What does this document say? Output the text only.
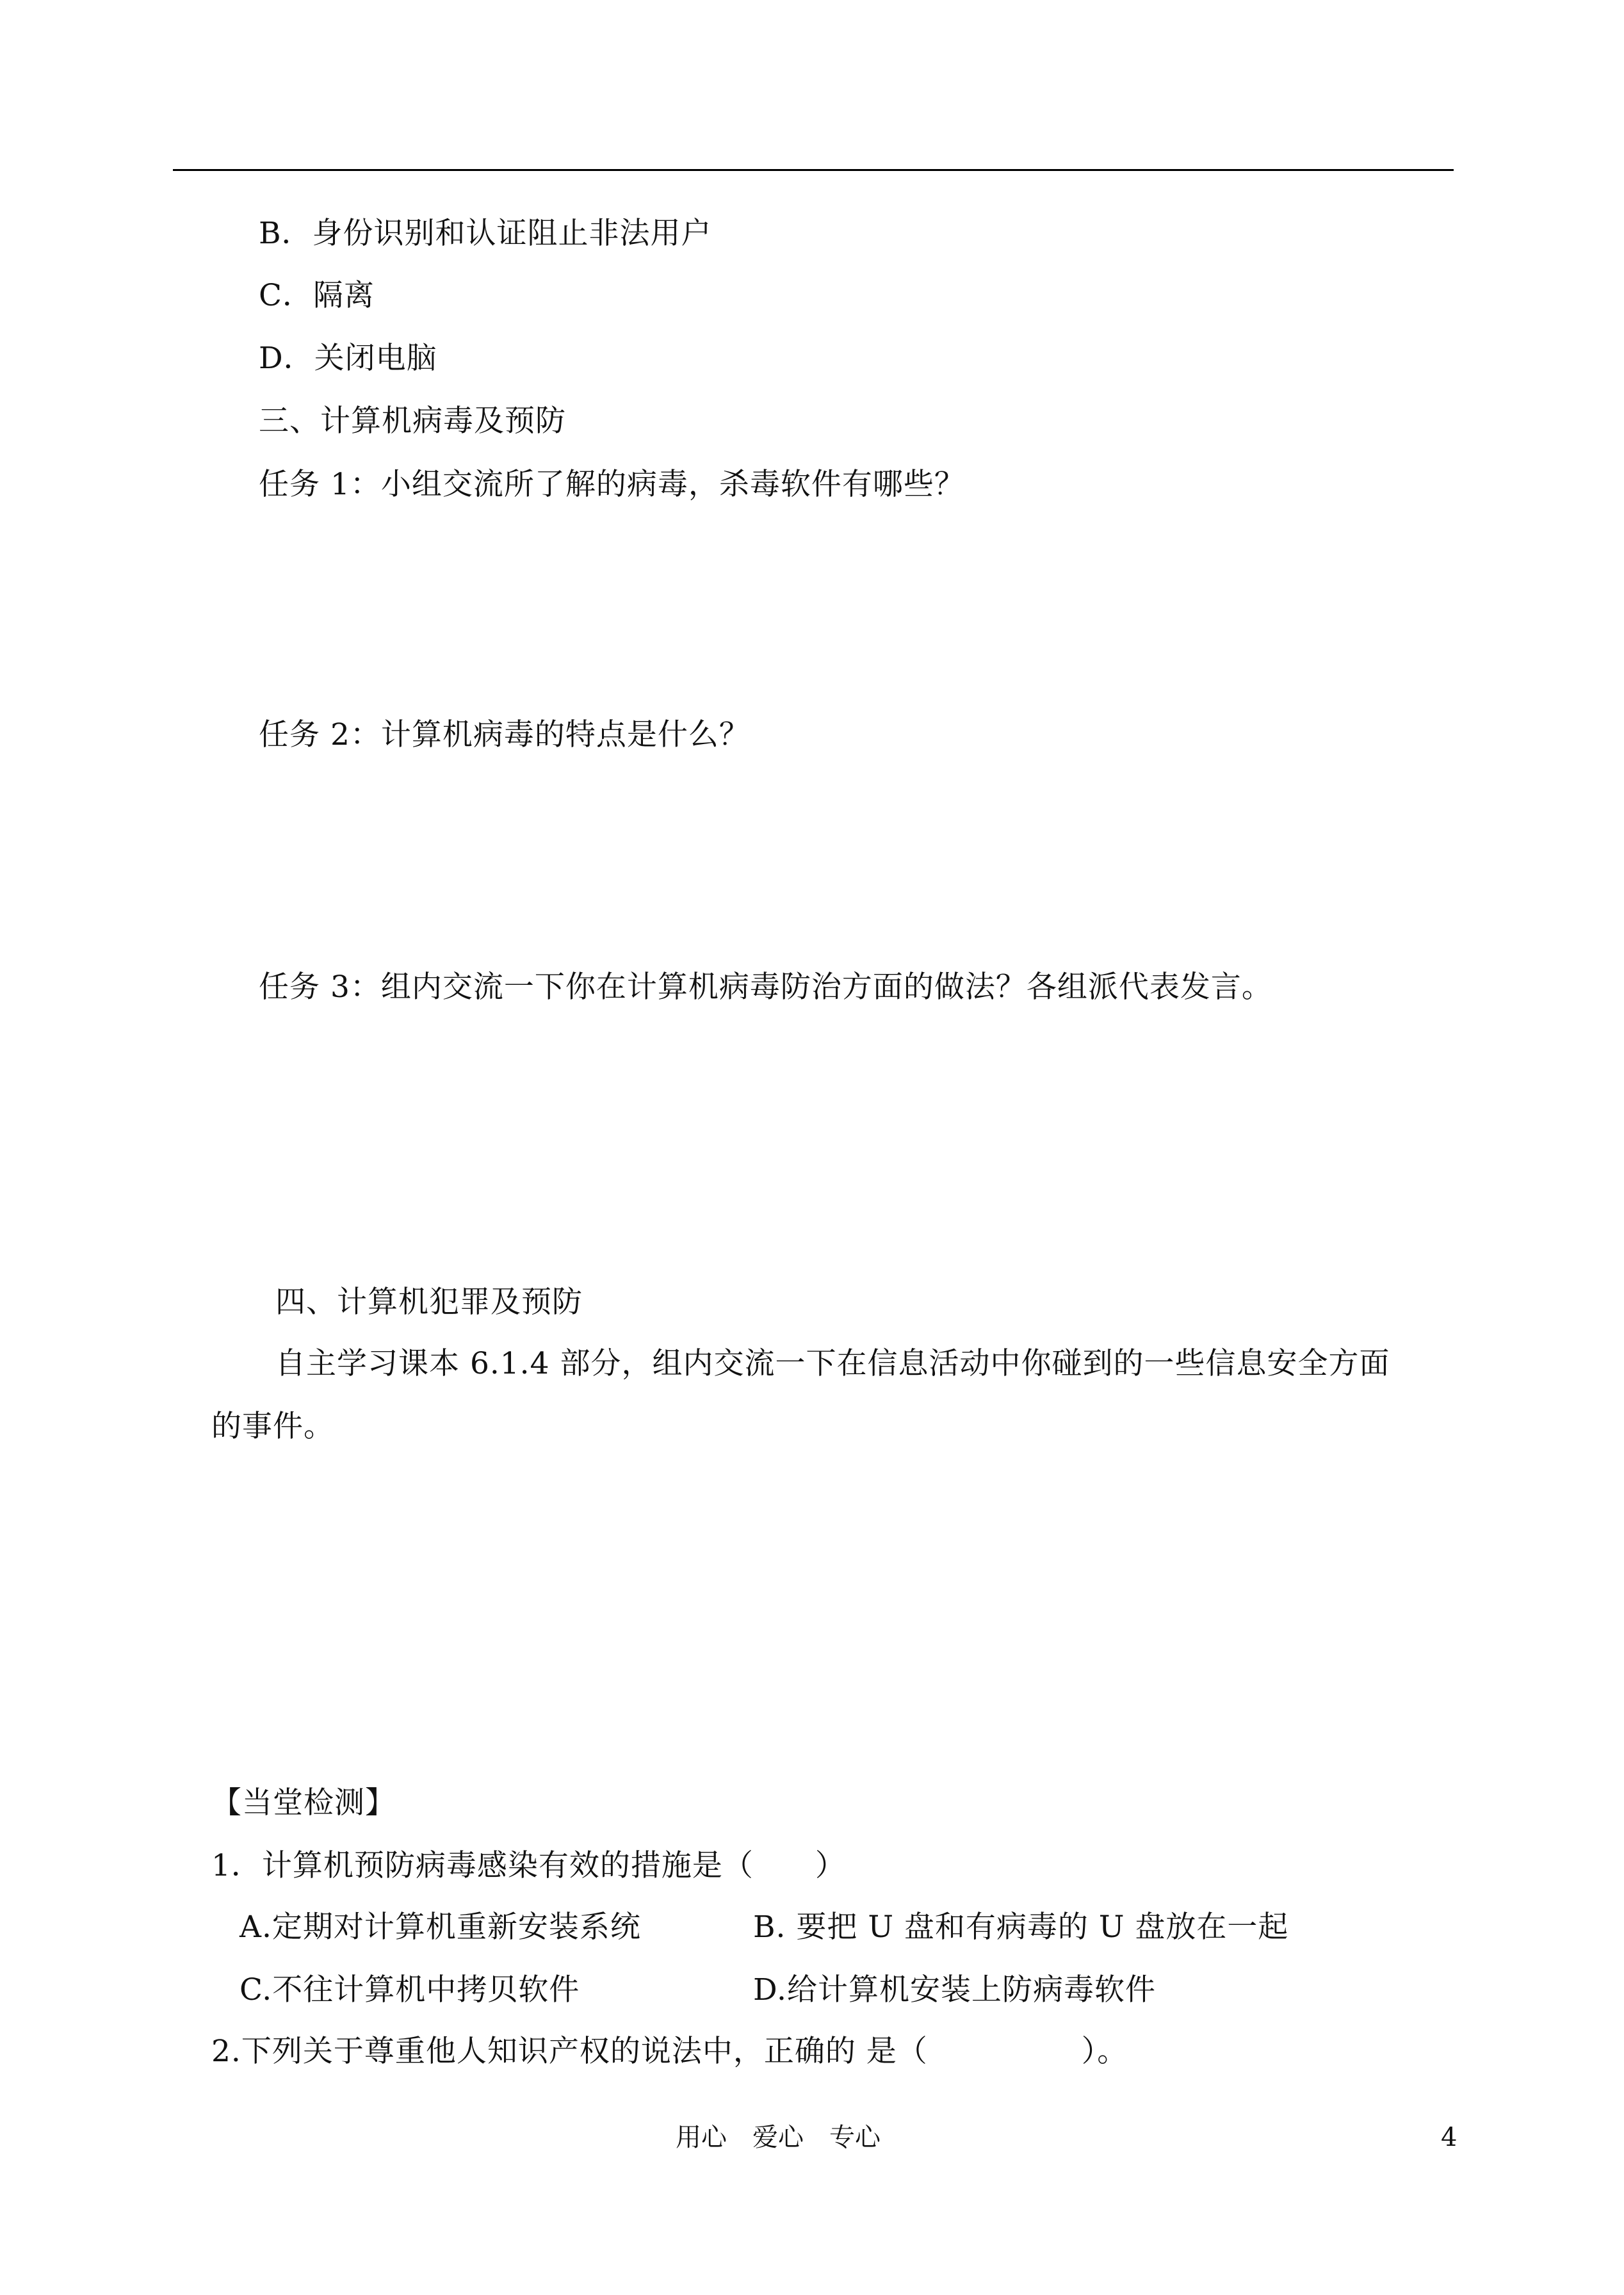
B．身份识别和认证阻止非法用户
C．隔离
D．关闭电脑
三、计算机病毒及预防
任务 1：小组交流所了解的病毒，杀毒软件有哪些？
任务 2：计算机病毒的特点是什么？
任务 3：组内交流一下你在计算机病毒防治方面的做法？各组派代表发言。
四、计算机犯罪及预防
自主学习课本 6.1.4 部分，组内交流一下在信息活动中你碰到的一些信息安全方面
的事件。
【当堂检测】
1．计算机预防病毒感染有效的措施是（　　）
A.定期对计算机重新安装系统	B. 要把 U 盘和有病毒的 U 盘放在一起
C.不往计算机中拷贝软件	D.给计算机安装上防病毒软件
2.下列关于尊重他人知识产权的说法中，正确的 是（　　　　　）。
用心　爱心　专心	4
